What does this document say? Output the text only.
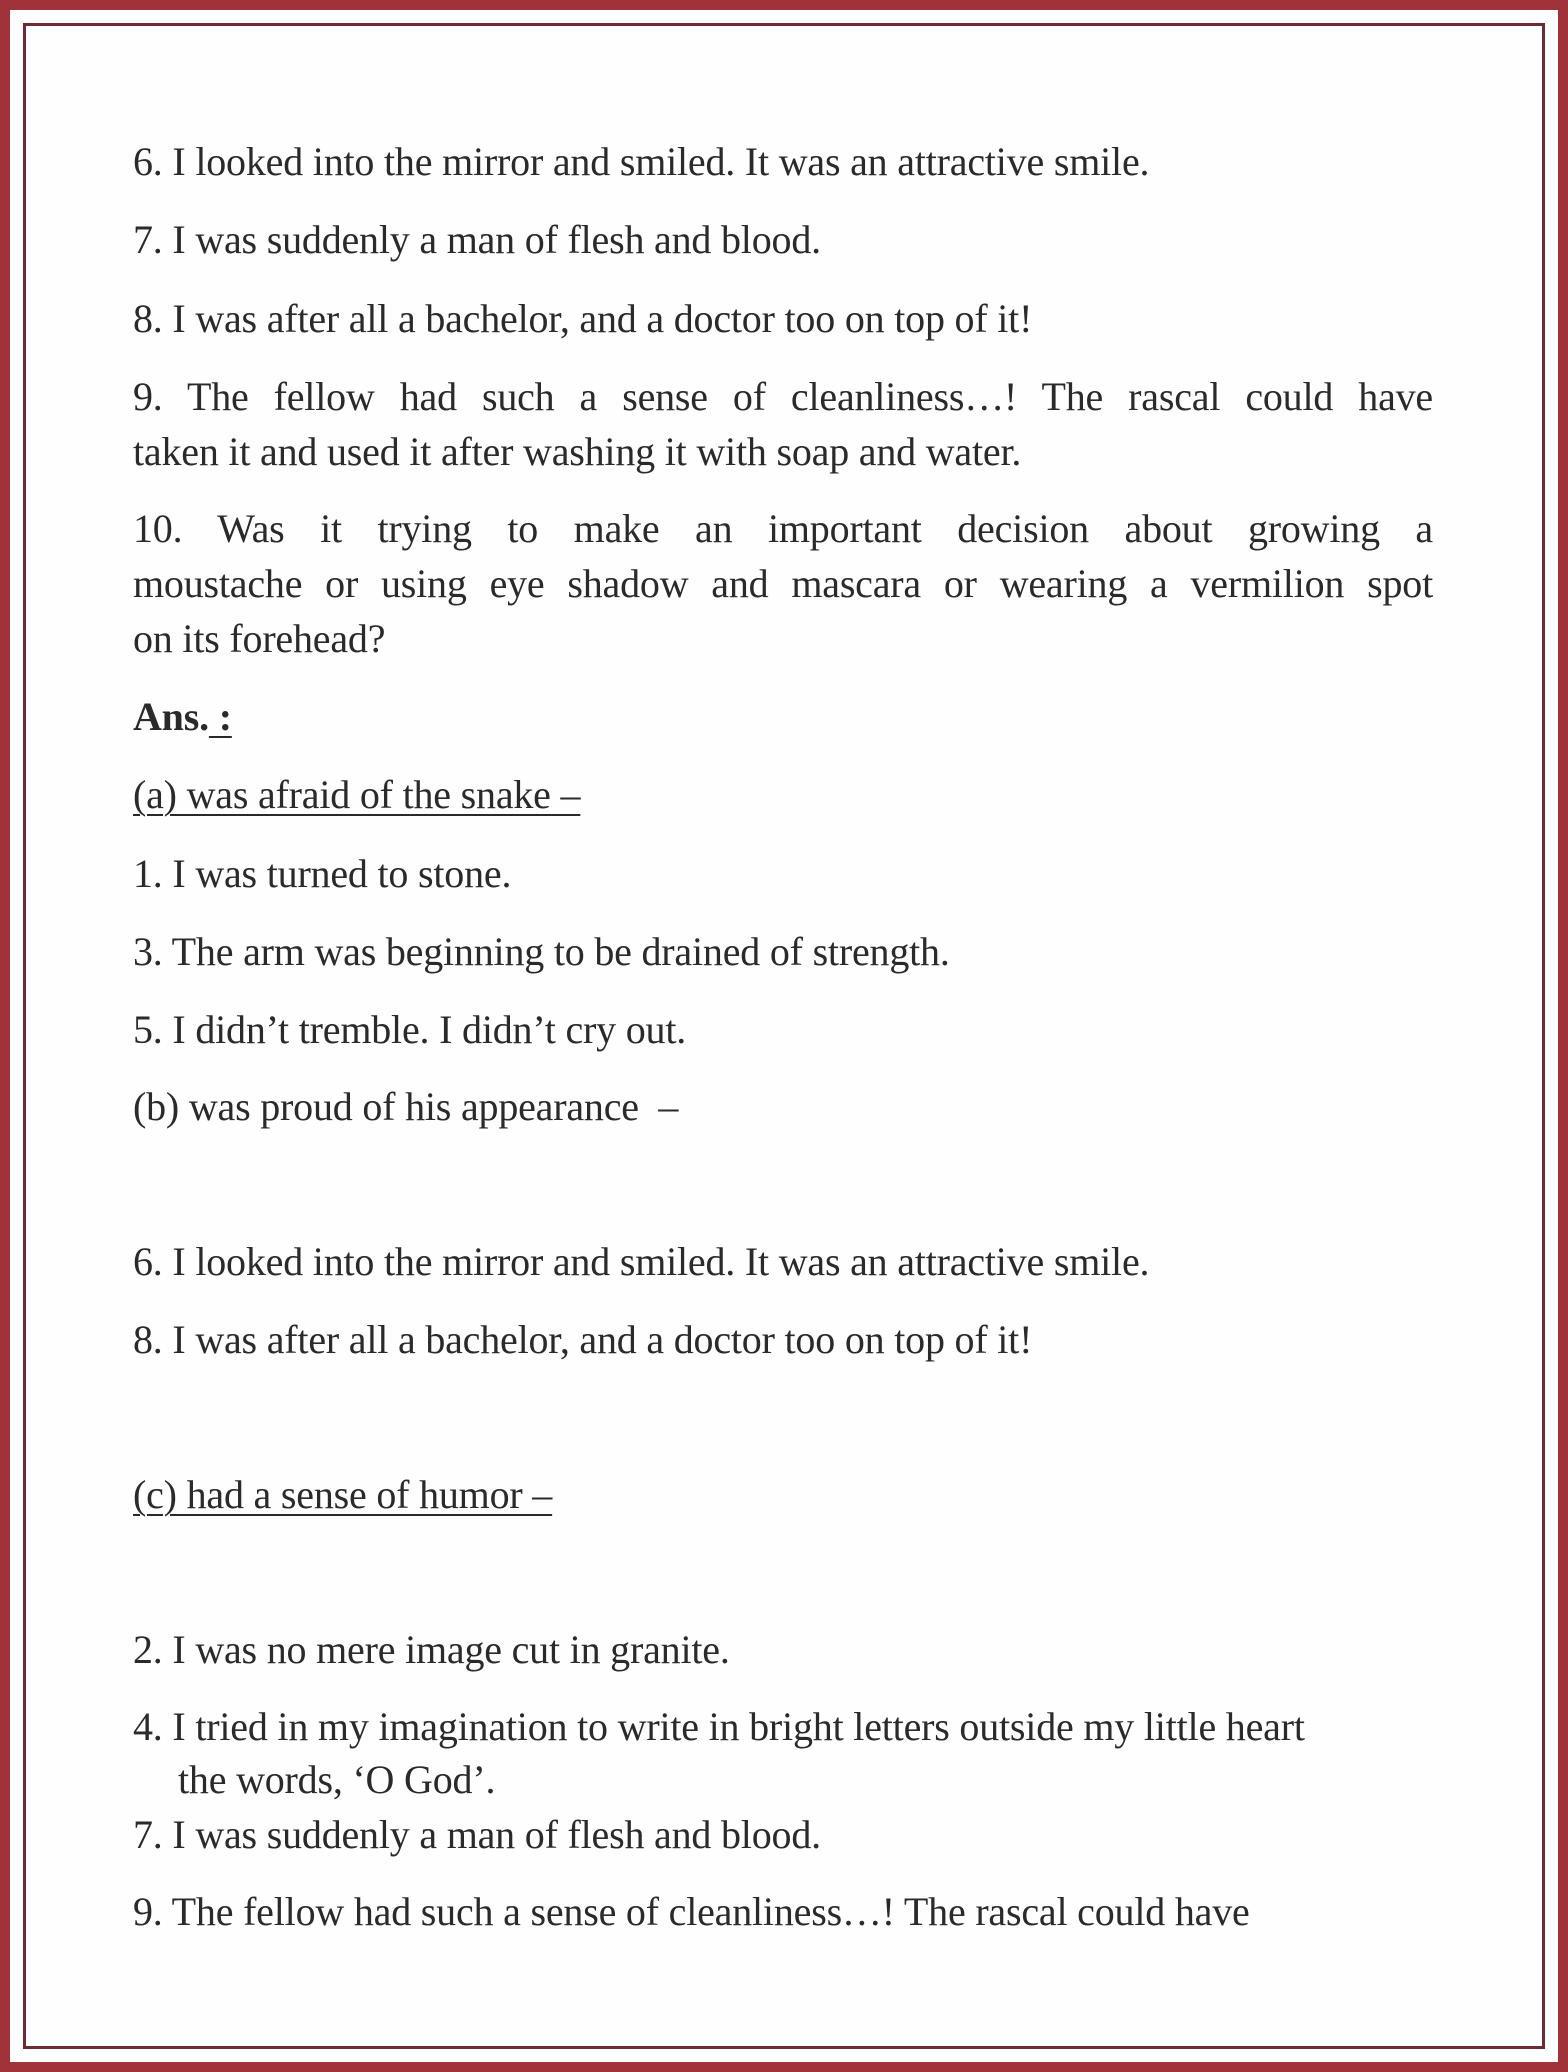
6. I looked into the mirror and smiled. It was an attractive smile.
7. I was suddenly a man of flesh and blood.
8. I was after all a bachelor, and a doctor too on top of it!
9. The fellow had such a sense of cleanliness…! The rascal could have
taken it and used it after washing it with soap and water.
10. Was it trying to make an important decision about growing a
moustache or using eye shadow and mascara or wearing a vermilion spot
on its forehead?
Ans. :
(a) was afraid of the snake –
1. I was turned to stone.
3. The arm was beginning to be drained of strength.
5. I didn’t tremble. I didn’t cry out.
(b) was proud of his appearance  –
6. I looked into the mirror and smiled. It was an attractive smile.
8. I was after all a bachelor, and a doctor too on top of it!
(c) had a sense of humor –
2. I was no mere image cut in granite.
4. I tried in my imagination to write in bright letters outside my little heart
the words, ‘O God’.
7. I was suddenly a man of flesh and blood.
9. The fellow had such a sense of cleanliness…! The rascal could have
